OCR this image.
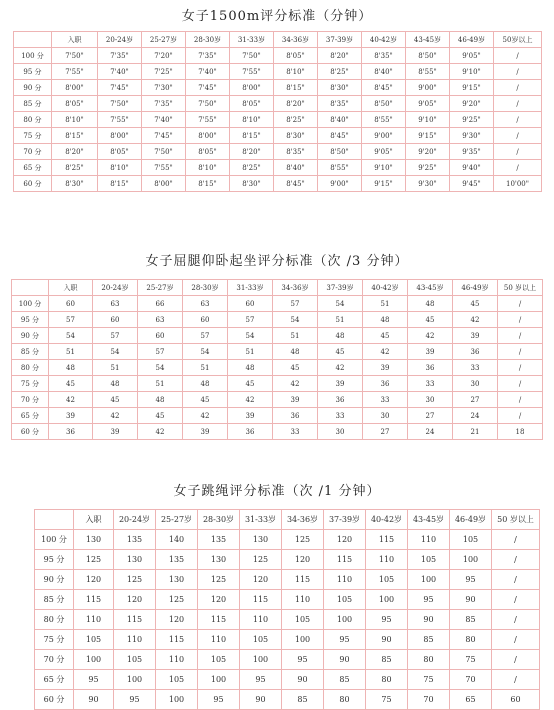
女子1500m评分标准（分钟）
	入职	20-24岁	25-27岁	28-30岁	31-33岁	34-36岁	37-39岁	40-42岁	43-45岁	46-49岁	50岁以上
100 分	7'50"	7'35"	7'20"	7'35"	7'50"	8'05"	8'20"	8'35"	8'50"	9'05"	/
95 分	7'55"	7'40"	7'25"	7'40"	7'55"	8'10"	8'25"	8'40"	8'55"	9'10"	/
90 分	8'00"	7'45"	7'30"	7'45"	8'00"	8'15"	8'30"	8'45"	9'00"	9'15"	/
85 分	8'05"	7'50"	7'35"	7'50"	8'05"	8'20"	8'35"	8'50"	9'05"	9'20"	/
80 分	8'10"	7'55"	7'40"	7'55"	8'10"	8'25"	8'40"	8'55"	9'10"	9'25"	/
75 分	8'15"	8'00"	7'45"	8'00"	8'15"	8'30"	8'45"	9'00"	9'15"	9'30"	/
70 分	8'20"	8'05"	7'50"	8'05"	8'20"	8'35"	8'50"	9'05"	9'20"	9'35"	/
65 分	8'25"	8'10"	7'55"	8'10"	8'25"	8'40"	8'55"	9'10"	9'25"	9'40"	/
60 分	8'30"	8'15"	8'00"	8'15"	8'30"	8'45"	9'00"	9'15"	9'30"	9'45"	10'00"
女子屈腿仰卧起坐评分标准（次 /3 分钟）
	入职	20-24岁	25-27岁	28-30岁	31-33岁	34-36岁	37-39岁	40-42岁	43-45岁	46-49岁	50 岁以上
100 分	60	63	66	63	60	57	54	51	48	45	/
95 分	57	60	63	60	57	54	51	48	45	42	/
90 分	54	57	60	57	54	51	48	45	42	39	/
85 分	51	54	57	54	51	48	45	42	39	36	/
80 分	48	51	54	51	48	45	42	39	36	33	/
75 分	45	48	51	48	45	42	39	36	33	30	/
70 分	42	45	48	45	42	39	36	33	30	27	/
65 分	39	42	45	42	39	36	33	30	27	24	/
60 分	36	39	42	39	36	33	30	27	24	21	18
女子跳绳评分标准（次 /1 分钟）
	入职	20-24岁	25-27岁	28-30岁	31-33岁	34-36岁	37-39岁	40-42岁	43-45岁	46-49岁	50 岁以上
100 分	130	135	140	135	130	125	120	115	110	105	/
95 分	125	130	135	130	125	120	115	110	105	100	/
90 分	120	125	130	125	120	115	110	105	100	95	/
85 分	115	120	125	120	115	110	105	100	95	90	/
80 分	110	115	120	115	110	105	100	95	90	85	/
75 分	105	110	115	110	105	100	95	90	85	80	/
70 分	100	105	110	105	100	95	90	85	80	75	/
65 分	95	100	105	100	95	90	85	80	75	70	/
60 分	90	95	100	95	90	85	80	75	70	65	60
